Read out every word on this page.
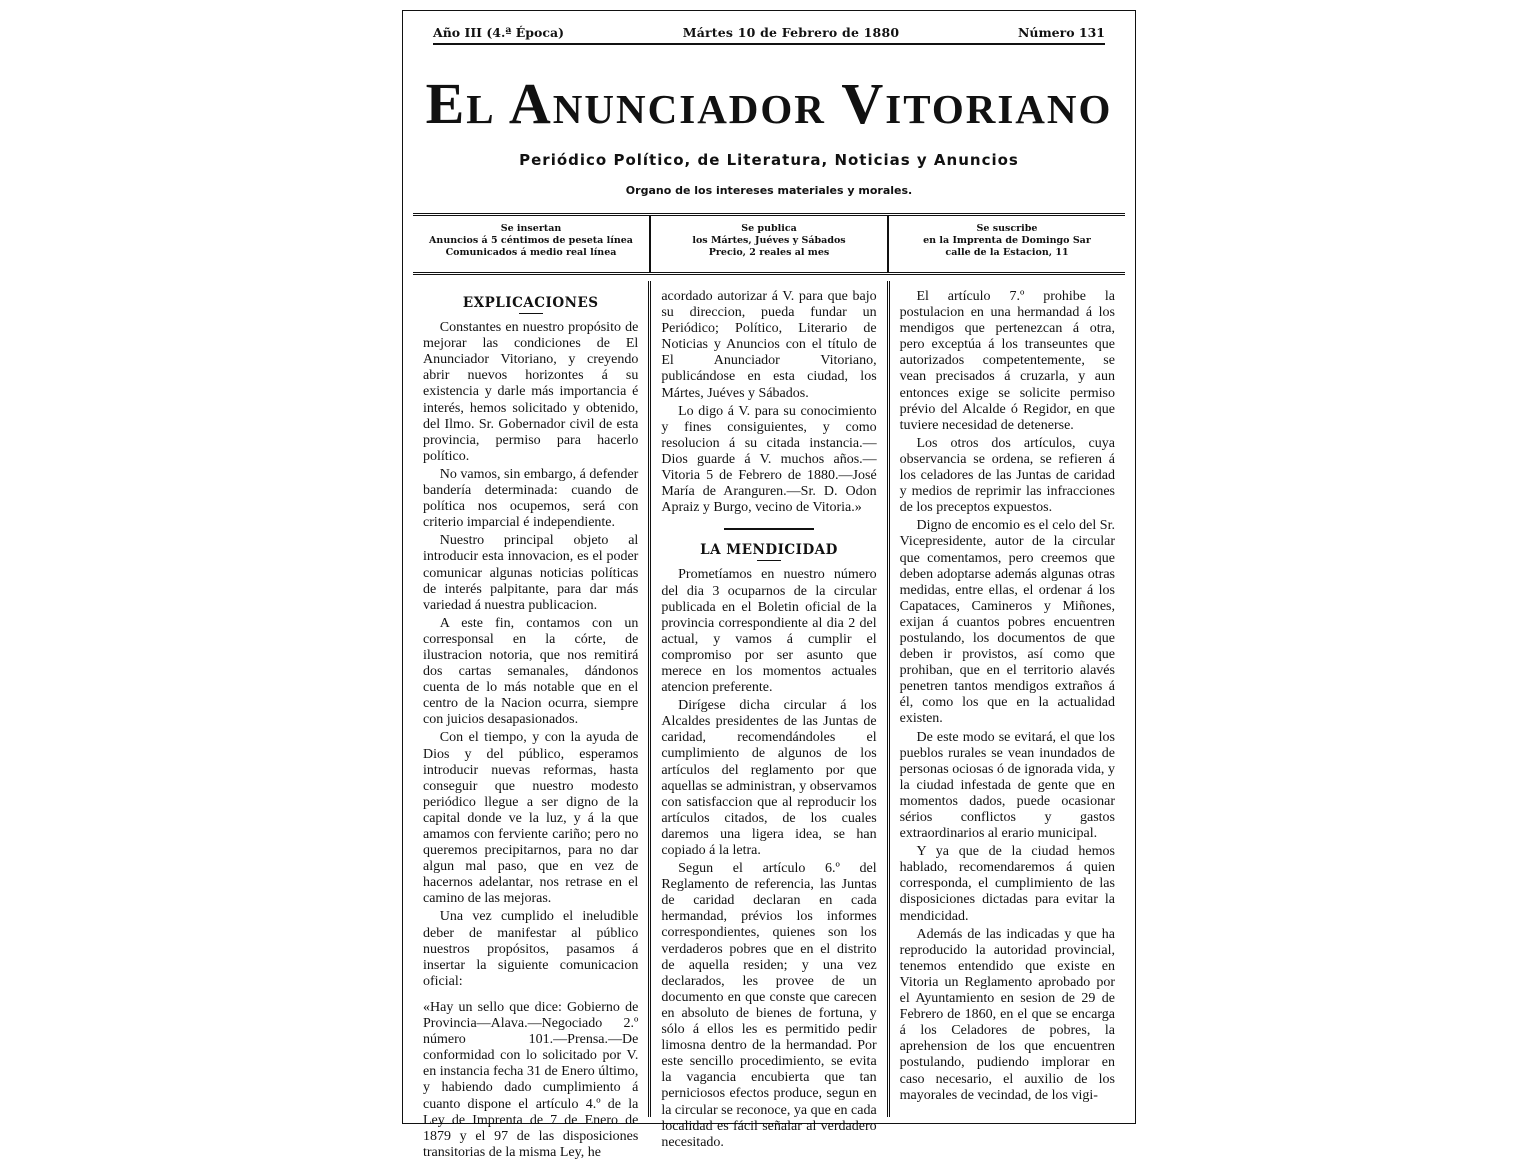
Año III (4.ª Época)	Mártes 10 de Febrero de 1880	Número 131
El Anunciador Vitoriano
Periódico Político, de Literatura, Noticias y Anuncios
Organo de los intereses materiales y morales.
Se insertan
Anuncios á 5 céntimos de peseta línea
Comunicados á medio real línea
Se publica
los Mártes, Juéves y Sábados
Precio, 2 reales al mes
Se suscribe
en la Imprenta de Domingo Sar
calle de la Estacion, 11
EXPLICACIONES

Constantes en nuestro propósito de mejorar las condiciones de El Anunciador Vitoriano, y creyendo abrir nuevos horizontes á su existencia y darle más importancia é interés, hemos solicitado y obtenido, del Ilmo. Sr. Gobernador civil de esta provincia, permiso para hacerlo político.

No vamos, sin embargo, á defender bandería determinada: cuando de política nos ocupemos, será con criterio imparcial é independiente.

Nuestro principal objeto al introducir esta innovacion, es el poder comunicar algunas noticias políticas de interés palpitante, para dar más variedad á nuestra publicacion.

A este fin, contamos con un corresponsal en la córte, de ilustracion notoria, que nos remitirá dos cartas semanales, dándonos cuenta de lo más notable que en el centro de la Nacion ocurra, siempre con juicios desapasionados.

Con el tiempo, y con la ayuda de Dios y del público, esperamos introducir nuevas reformas, hasta conseguir que nuestro modesto periódico llegue a ser digno de la capital donde ve la luz, y á la que amamos con ferviente cariño; pero no queremos precipitarnos, para no dar algun mal paso, que en vez de hacernos adelantar, nos retrase en el camino de las mejoras.

Una vez cumplido el ineludible deber de manifestar al público nuestros propósitos, pasamos á insertar la siguiente comunicacion oficial:

«Hay un sello que dice: Gobierno de Provincia—Alava.—Negociado 2.º número 101.—Prensa.—De conformidad con lo solicitado por V. en instancia fecha 31 de Enero último, y habiendo dado cumplimiento á cuanto dispone el artículo 4.º de la Ley de Imprenta de 7 de Enero de 1879 y el 97 de las disposiciones transitorias de la misma Ley, he

acordado autorizar á V. para que bajo su direccion, pueda fundar un Periódico; Político, Literario de Noticias y Anuncios con el título de El Anunciador Vitoriano, publicándose en esta ciudad, los Mártes, Juéves y Sábados.

Lo digo á V. para su conocimiento y fines consiguientes, y como resolucion á su citada instancia.—Dios guarde á V. muchos años.—Vitoria 5 de Febrero de 1880.—José María de Aranguren.—Sr. D. Odon Apraiz y Burgo, vecino de Vitoria.»

LA MENDICIDAD

Prometíamos en nuestro número del dia 3 ocuparnos de la circular publicada en el Boletin oficial de la provincia correspondiente al dia 2 del actual, y vamos á cumplir el compromiso por ser asunto que merece en los momentos actuales atencion preferente.

Dirígese dicha circular á los Alcaldes presidentes de las Juntas de caridad, recomendándoles el cumplimiento de algunos de los artículos del reglamento por que aquellas se administran, y observamos con satisfaccion que al reproducir los artículos citados, de los cuales daremos una ligera idea, se han copiado á la letra.

Segun el artículo 6.º del Reglamento de referencia, las Juntas de caridad declaran en cada hermandad, prévios los informes correspondientes, quienes son los verdaderos pobres que en el distrito de aquella residen; y una vez declarados, les provee de un documento en que conste que carecen en absoluto de bienes de fortuna, y sólo á ellos les es permitido pedir limosna dentro de la hermandad. Por este sencillo procedimiento, se evita la vagancia encubierta que tan perniciosos efectos produce, segun en la circular se reconoce, ya que en cada localidad es fácil señalar al verdadero necesitado.

El artículo 7.º prohibe la postulacion en una hermandad á los mendigos que pertenezcan á otra, pero exceptúa á los transeuntes que autorizados competentemente, se vean precisados á cruzarla, y aun entonces exige se solicite permiso prévio del Alcalde ó Regidor, en que tuviere necesidad de detenerse.

Los otros dos artículos, cuya observancia se ordena, se refieren á los celadores de las Juntas de caridad y medios de reprimir las infracciones de los preceptos expuestos.

Digno de encomio es el celo del Sr. Vicepresidente, autor de la circular que comentamos, pero creemos que deben adoptarse además algunas otras medidas, entre ellas, el ordenar á los Capataces, Camineros y Miñones, exijan á cuantos pobres encuentren postulando, los documentos de que deben ir provistos, así como que prohiban, que en el territorio alavés penetren tantos mendigos extraños á él, como los que en la actualidad existen.

De este modo se evitará, el que los pueblos rurales se vean inundados de personas ociosas ó de ignorada vida, y la ciudad infestada de gente que en momentos dados, puede ocasionar sérios conflictos y gastos extraordinarios al erario municipal.

Y ya que de la ciudad hemos hablado, recomendaremos á quien corresponda, el cumplimiento de las disposiciones dictadas para evitar la mendicidad.

Además de las indicadas y que ha reproducido la autoridad provincial, tenemos entendido que existe en Vitoria un Reglamento aprobado por el Ayuntamiento en sesion de 29 de Febrero de 1860, en el que se encarga á los Celadores de pobres, la aprehension de los que encuentren postulando, pudiendo implorar en caso necesario, el auxilio de los mayorales de vecindad, de los vigi-
